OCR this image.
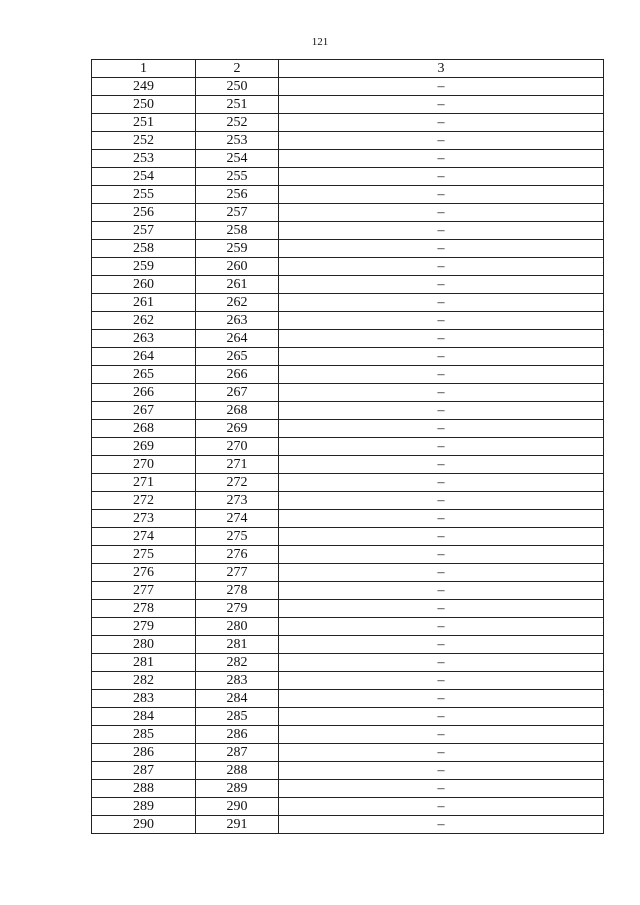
121
1	2	3
249	250	–
250	251	–
251	252	–
252	253	–
253	254	–
254	255	–
255	256	–
256	257	–
257	258	–
258	259	–
259	260	–
260	261	–
261	262	–
262	263	–
263	264	–
264	265	–
265	266	–
266	267	–
267	268	–
268	269	–
269	270	–
270	271	–
271	272	–
272	273	–
273	274	–
274	275	–
275	276	–
276	277	–
277	278	–
278	279	–
279	280	–
280	281	–
281	282	–
282	283	–
283	284	–
284	285	–
285	286	–
286	287	–
287	288	–
288	289	–
289	290	–
290	291	–
